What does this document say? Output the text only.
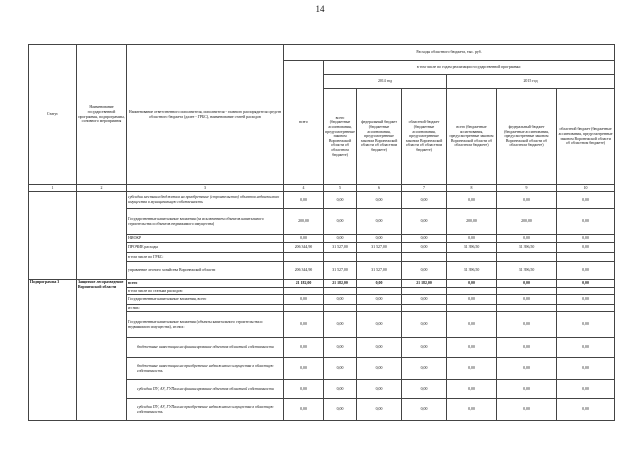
14
Статус	Наименование государственной программы, подпрограммы, основного мероприятия	Наименование ответственного исполнителя, исполнителя - главного распорядителя средств областного бюджета (далее - ГРБС), наименование статей расходов	Расходы областного бюджета, тыс. руб.						
			всего	в том числе по годам реализации государственной программы:					
				2014 год			2015 год		
				всего (бюджетные ассигнования, предусмотренные законом Воронежской области об областном бюджете)	федеральный бюджет (бюджетные ассигнования, предусмотренные законом Воронежской области об областном бюджете)	областной бюджет (бюджетные ассигнования, предусмотренные законом Воронежской области об областном бюджете)	всего (бюджетные ассигнования, предусмотренные законом Воронежской области об областном бюджете)	федеральный бюджет (бюджетные ассигнования, предусмотренные законом Воронежской области об областном бюджете)	областной бюджет (бюджетные ассигнования, предусмотренные законом Воронежской области об областном бюджете)
1	2	3	4	5	6	7	8	9	10
		субсидии местным бюджетам на приобретение (строительство) объектов недвижимого имущества в муниципальную собственность	0,00	0,00	0,00	0,00	0,00	0,00	0,00
		Государственные капитальные вложения (за исключением объектов капитального строительства и объектов недвижимого имущества)	200,00	0,00	0,00	0,00	200,00	200,00	0,00
		НИОКР	0,00	0,00	0,00	0,00	0,00	0,00	0,00
		ПРОЧИЕ расходы	206 344,90	31 527,00	31 527,00	0,00	31 396,50	31 396,50	0,00
		в том числе по ГРБС:							
		управление лесного хозяйства Воронежской области	206 344,90	31 527,00	31 527,00	0,00	31 396,50	31 396,50	0,00
Подпрограмма 3	Защитное лесоразведение Воронежской области	всего	21 182,00	21 182,00	0,00	21 182,00	0,00	0,00	0,00
		в том числе по статьям расходов:							
		Государственные капитальные вложения, всего	0,00	0,00	0,00	0,00	0,00	0,00	0,00
		из них:							
		Государственные капитальные вложения (объекты капитального строительства и недвижимого имущества), из них:	0,00	0,00	0,00	0,00	0,00	0,00	0,00
		бюджетные инвестиции на финансирование объектов областной собственности	0,00	0,00	0,00	0,00	0,00	0,00	0,00
		бюджетные инвестиции на приобретение недвижимого имущества в областную собственность	0,00	0,00	0,00	0,00	0,00	0,00	0,00
		субсидии ПУ, АУ, ГУПам на финансирование объектов областной собственности	0,00	0,00	0,00	0,00	0,00	0,00	0,00
		субсидии ПУ, АУ, ГУПам на приобретение недвижимого имущества в областную собственность	0,00	0,00	0,00	0,00	0,00	0,00	0,00
